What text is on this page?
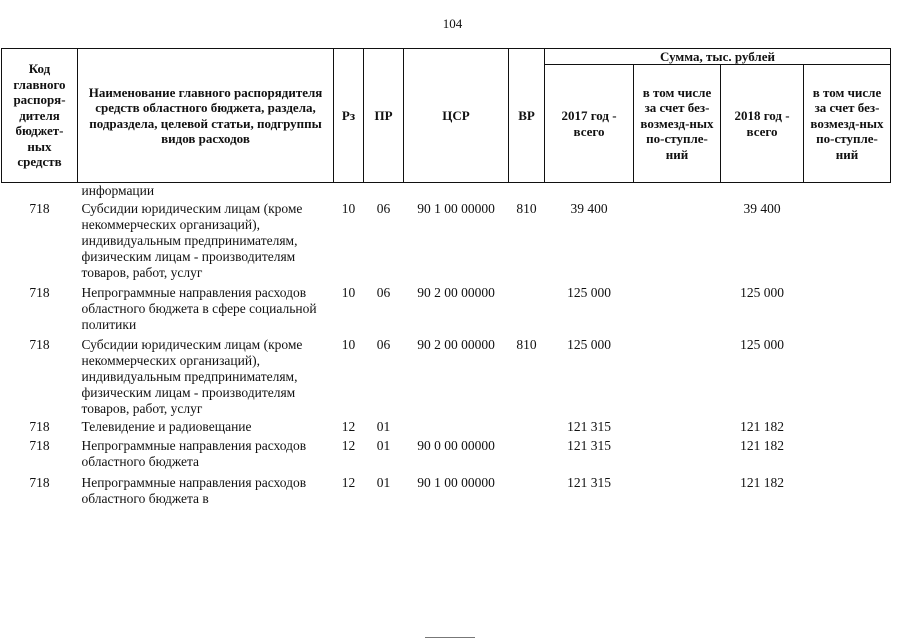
104
Код главного распоря-дителя бюджет-ных средств	Наименование главного распорядителя средств областного бюджета, раздела, подраздела, целевой статьи, подгруппы видов расходов	Рз	ПР	ЦСР	ВР	Сумма, тыс. рублей			
						2017 год - всего	в том числе за счет без-возмезд-ных по-ступле-ний	2018 год - всего	в том числе за счет без-возмезд-ных по-ступле-ний
	информации								
718	Субсидии юридическим лицам (кроме некоммерческих организаций), индивидуальным предпринимателям, физическим лицам - производителям товаров, работ, услуг	10	06	90 1 00 00000	810	39 400		39 400	
718	Непрограммные направления расходов областного бюджета в сфере социальной политики	10	06	90 2 00 00000		125 000		125 000	
718	Субсидии юридическим лицам (кроме некоммерческих организаций), индивидуальным предпринимателям, физическим лицам - производителям товаров, работ, услуг	10	06	90 2 00 00000	810	125 000		125 000	
718	Телевидение и радиовещание	12	01			121 315		121 182	
718	Непрограммные направления расходов областного бюджета	12	01	90 0 00 00000		121 315		121 182	
718	Непрограммные направления расходов областного бюджета в	12	01	90 1 00 00000		121 315		121 182	
